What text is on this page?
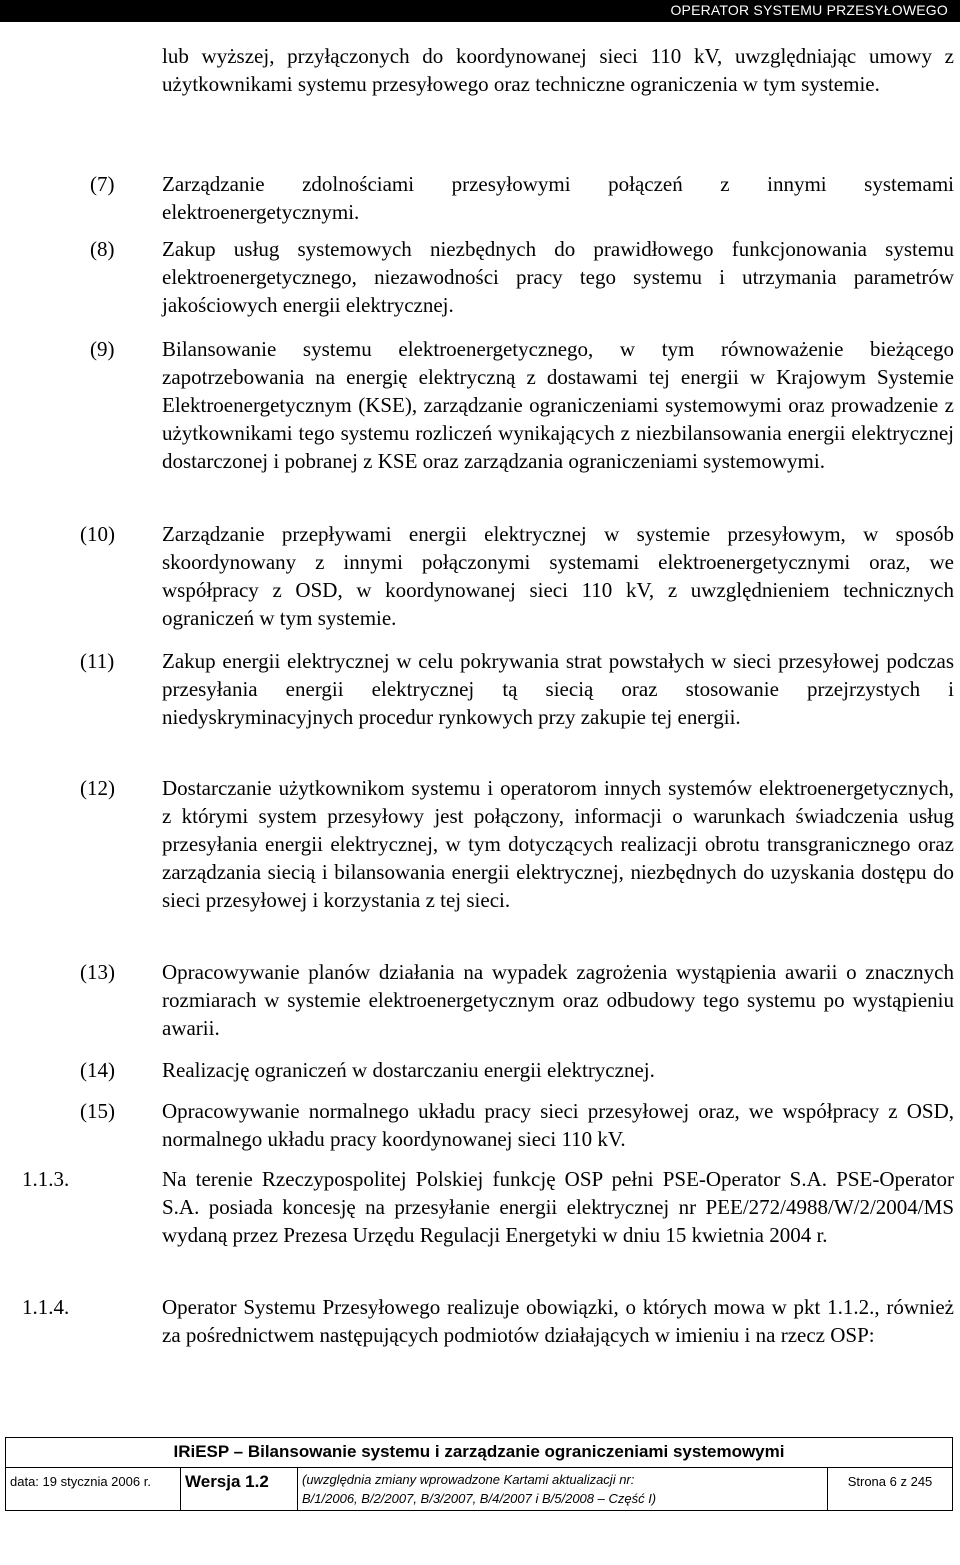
OPERATOR SYSTEMU PRZESYŁOWEGO
lub wyższej, przyłączonych do koordynowanej sieci 110 kV, uwzględniając umowy z użytkownikami systemu przesyłowego oraz techniczne ograniczenia w tym systemie.
(7) Zarządzanie zdolnościami przesyłowymi połączeń z innymi systemami elektroenergetycznymi.
(8) Zakup usług systemowych niezbędnych do prawidłowego funkcjonowania systemu elektroenergetycznego, niezawodności pracy tego systemu i utrzymania parametrów jakościowych energii elektrycznej.
(9) Bilansowanie systemu elektroenergetycznego, w tym równoważenie bieżącego zapotrzebowania na energię elektryczną z dostawami tej energii w Krajowym Systemie Elektroenergetycznym (KSE), zarządzanie ograniczeniami systemowymi oraz prowadzenie z użytkownikami tego systemu rozliczeń wynikających z niezbilansowania energii elektrycznej dostarczonej i pobranej z KSE oraz zarządzania ograniczeniami systemowymi.
(10) Zarządzanie przepływami energii elektrycznej w systemie przesyłowym, w sposób skoordynowany z innymi połączonymi systemami elektroenergetycznymi oraz, we współpracy z OSD, w koordynowanej sieci 110 kV, z uwzględnieniem technicznych ograniczeń w tym systemie.
(11) Zakup energii elektrycznej w celu pokrywania strat powstałych w sieci przesyłowej podczas przesyłania energii elektrycznej tą siecią oraz stosowanie przejrzystych i niedyskryminacyjnych procedur rynkowych przy zakupie tej energii.
(12) Dostarczanie użytkownikom systemu i operatorom innych systemów elektroenergetycznych, z którymi system przesyłowy jest połączony, informacji o warunkach świadczenia usług przesyłania energii elektrycznej, w tym dotyczących realizacji obrotu transgranicznego oraz zarządzania siecią i bilansowania energii elektrycznej, niezbędnych do uzyskania dostępu do sieci przesyłowej i korzystania z tej sieci.
(13) Opracowywanie planów działania na wypadek zagrożenia wystąpienia awarii o znacznych rozmiarach w systemie elektroenergetycznym oraz odbudowy tego systemu po wystąpieniu awarii.
(14) Realizację ograniczeń w dostarczaniu energii elektrycznej.
(15) Opracowywanie normalnego układu pracy sieci przesyłowej oraz, we współpracy z OSD, normalnego układu pracy koordynowanej sieci 110 kV.
1.1.3.	Na terenie Rzeczypospolitej Polskiej funkcję OSP pełni PSE-Operator S.A. PSE-Operator S.A. posiada koncesję na przesyłanie energii elektrycznej nr PEE/272/4988/W/2/2004/MS wydaną przez Prezesa Urzędu Regulacji Energetyki w dniu 15 kwietnia 2004 r.
1.1.4.	Operator Systemu Przesyłowego realizuje obowiązki, o których mowa w pkt 1.1.2., również za pośrednictwem następujących podmiotów działających w imieniu i na rzecz OSP:
IRiESP – Bilansowanie systemu i zarządzanie ograniczeniami systemowymi
data: 19 stycznia 2006 r.	Wersja 1.2	(uwzględnia zmiany wprowadzone Kartami aktualizacji nr:
B/1/2006, B/2/2007, B/3/2007, B/4/2007 i B/5/2008 – Część I)
	Strona 6 z 245
